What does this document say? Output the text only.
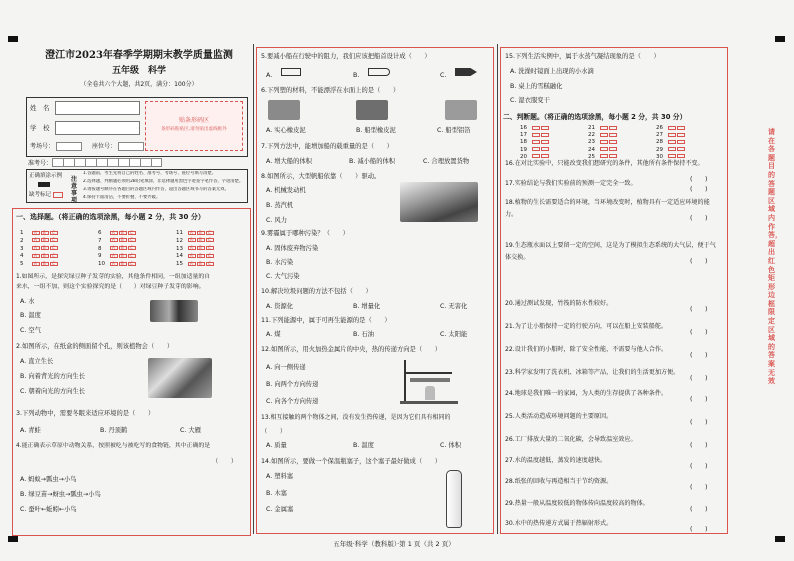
澄江市2023年春季学期期末教学质量监测
五年级　科学
（全卷共六个大题，共2页，满分：100分）
姓　名
学　校
考场号：	座位号：
贴条形码区
条形码粘贴区,请勿贴出虚线框外
准考号：
正确填涂示例
缺考标记
注意事项
1.答题前，考生先将自己的姓名、准考号、考场号、座位号填写清楚。
2.选择题、判断题必须用2B铅笔填涂，非选择题用黑色字迹签字笔作答，字迹清楚。
3.请按题号顺序在各题目的答题区域内作答，超出答题区域书写的答案无效。
4.保持卡面清洁，不要折叠、不要弄破。
一、选择题。（将正确的选项涂黑，每小题 2 分，共 30 分）
1	A B C	6	A B C	11 A B C
2	A B C	7	A B C	12 A B C
3	A B C	8	A B C	13 A B C
4	A B C	9	A B C	14 A B C
5	A B C	10 A B C	15 A B C
1.如图所示，是探究绿豆种子发芽的实验，其他条件相同，一组加适量的自
来水，一组不加，则这个实验探究的是（　　）对绿豆种子发芽的影响。
A. 水
B. 温度
C. 空气
2.如图所示，在纸盒的侧面留个孔，则该植物会（　　）
A. 直立生长
B. 向着背光的方向生长
C. 朝着向光的方向生长
3.下列动物中，需要冬眠来适应环境的是（　　）
A. 青蛙	B. 丹顶鹤	C. 大雁
4.能正确表示草原中动物关系，按照被吃与被吃写的食物链，其中正确的是
（　　）
A. 蚂蚁→瓢虫→小鸟
B. 绿豆苗→蚜虫→瓢虫→小鸟
C. 蚕叶←蚯蚓←小鸟
5.要减小船在行驶中的阻力，我们应该把船首设计成（　　）
A.	B.	C.
6.下列塑的材料，不能漂浮在水面上的是（　　）
A. 实心橡皮泥	B. 船型橡皮泥	C. 船型铝箔
7.下列方法中，能增加船的载重量的是（　　）
A. 增大船的体积	B. 减小船的体积	C. 合理放置货物
8.如图所示，大型帆船依靠（　　）驱动。
A. 机械发动机
B. 蒸汽机
C. 风力
9.雾霾属于哪种污染？（　　）
A. 固体废弃物污染
B. 水污染
C. 大气污染
10.解决垃圾问题的方法不包括（　　）
A. 资源化	B. 增量化	C. 无害化
11.下列能源中，属于可再生能源的是（　　）
A. 煤	B. 石油	C. 太阳能
12.如图所示，用火加热金属片的中央，热的传递方向是（　　）
A. 向一侧传递
B. 向两个方向传递
C. 向各个方向传递
13.相互接触的两个物体之间，没有发生热传递，是因为它们具有相同的
（　　）
A. 质量	B. 温度	C. 体积
14.如图所示，要做一个保温瓶塞子，这个塞子最好做成（　　）
A. 塑料塞
B. 木塞
C. 金属塞
15.下列生活实例中，属于水蒸气凝结现象的是（　　）
A. 洗澡时镜面上出现的小水滴
B. 桌上的雪糕融化
C. 湿衣服变干
二、判断题。（将正确的选项涂黑，每小题 2 分，共 30 分）
16	21	26
17	22	27
18	23	28
19	24	29
20	25	30
16.在对比实验中，只能改变我们想研究的条件，其他所有条件保持不变。
(　　)
17.实验结论与我们实验前的预测一定完全一致。
(　　)
18.植物的生长需要适合的环境，当环境改变时，植物具有一定适应环境的能力。
(　　)
19.生态瓶水面以上要留一定的空间，这是为了模拟生态系统的大气层，便于气体交换。
(　　)
20.通过测试发现，竹筏的防水性较好。
(　　)
21.为了让小船保持一定的行驶方向，可以在船上安装船舵。
(　　)
22.设计我们的小船时，除了安全性能，不需要与他人合作。
(　　)
23.科学家发明了洗衣机、冰箱等产品，让我们的生活更加方便。
(　　)
24.地球是我们唯一的家园，为人类的生存提供了各种条件。
(　　)
25.人类活动造成环境问题的主要原因。
(　　)
26.工厂排放大量的二氧化碳，会导致温室效应。
(　　)
27.水的温度越低，蒸发的速度越快。
(　　)
28.纸张的回收与再造相当于节约资源。
(　　)
29.热量一般从温度较低的物体传向温度较高的物体。
(　　)
30.水中的热传递方式属于热辐射形式。
(　　)
请在各题目的答题区域内作答，超出红色矩形边框限定区域的答案无效
五年级·科学（教科版）·第 1 页（共 2 页）
